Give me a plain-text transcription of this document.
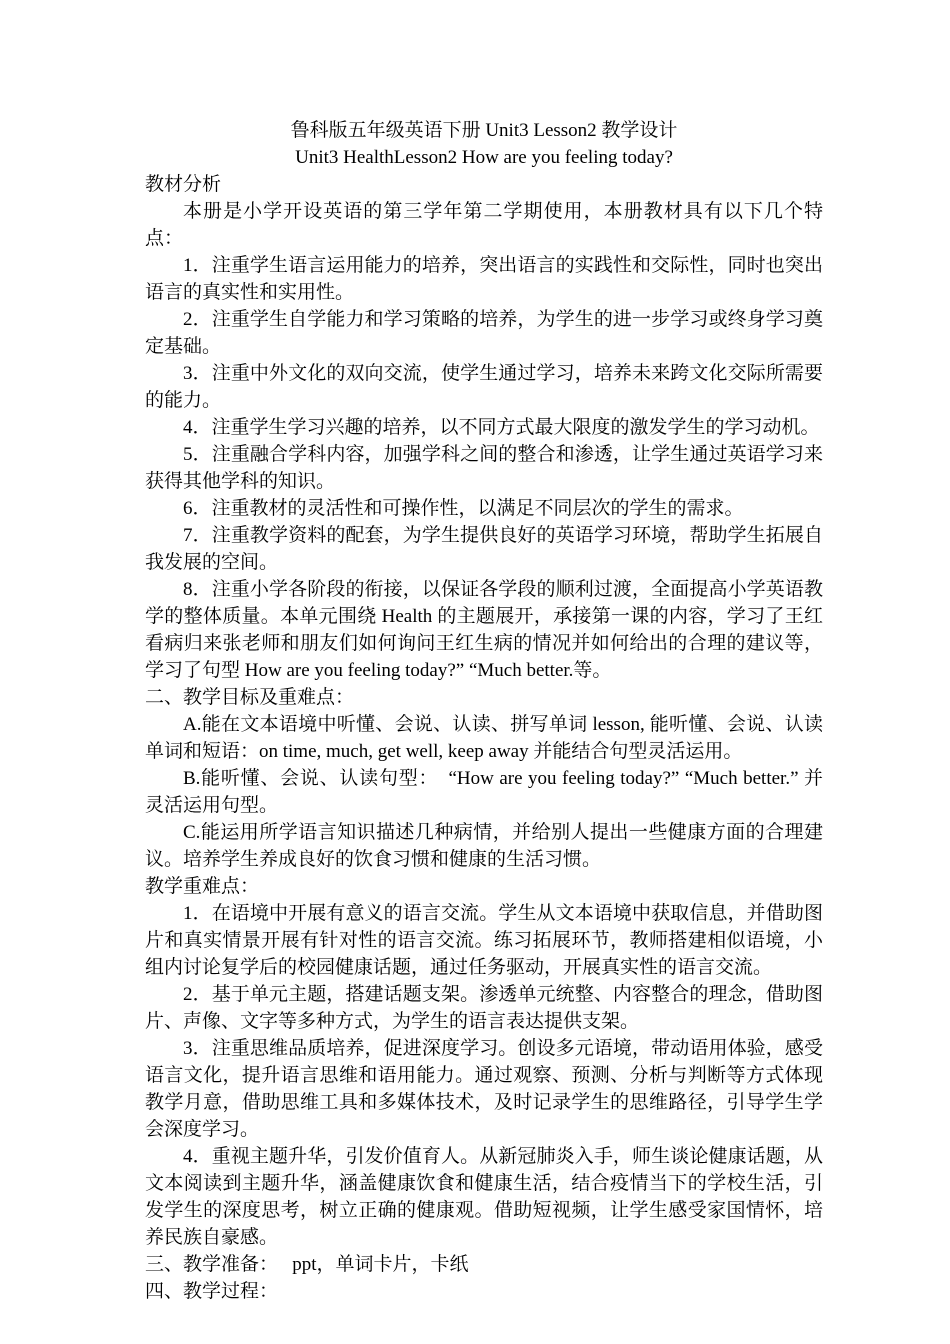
鲁科版五年级英语下册 Unit3 Lesson2 教学设计

Unit3 HealthLesson2 How are you feeling today?

教材分析

本册是小学开设英语的第三学年第二学期使用，本册教材具有以下几个特点：

1．注重学生语言运用能力的培养，突出语言的实践性和交际性，同时也突出语言的真实性和实用性。

2．注重学生自学能力和学习策略的培养，为学生的进一步学习或终身学习奠定基础。

3．注重中外文化的双向交流，使学生通过学习，培养未来跨文化交际所需要的能力。

4．注重学生学习兴趣的培养，以不同方式最大限度的激发学生的学习动机。

5．注重融合学科内容，加强学科之间的整合和渗透，让学生通过英语学习来获得其他学科的知识。

6．注重教材的灵活性和可操作性，以满足不同层次的学生的需求。

7．注重教学资料的配套，为学生提供良好的英语学习环境，帮助学生拓展自我发展的空间。

8．注重小学各阶段的衔接，以保证各学段的顺利过渡，全面提高小学英语教学的整体质量。本单元围绕 Health 的主题展开，承接第一课的内容，学习了王红看病归来张老师和朋友们如何询问王红生病的情况并如何给出的合理的建议等，学习了句型 How are you feeling today?” “Much better.等。

二、教学目标及重难点：

A.能在文本语境中听懂、会说、认读、拼写单词 lesson, 能听懂、会说、认读单词和短语：on time, much, get well, keep away 并能结合句型灵活运用。

B.能听懂、会说、认读句型：　“How are you feeling today?” “Much better.” 并灵活运用句型。

C.能运用所学语言知识描述几种病情，并给别人提出一些健康方面的合理建议。培养学生养成良好的饮食习惯和健康的生活习惯。

教学重难点：

1．在语境中开展有意义的语言交流。学生从文本语境中获取信息，并借助图片和真实情景开展有针对性的语言交流。练习拓展环节，教师搭建相似语境，小组内讨论复学后的校园健康话题，通过任务驱动，开展真实性的语言交流。

2．基于单元主题，搭建话题支架。渗透单元统整、内容整合的理念，借助图片、声像、文字等多种方式，为学生的语言表达提供支架。

3．注重思维品质培养，促进深度学习。创设多元语境，带动语用体验，感受语言文化，提升语言思维和语用能力。通过观察、预测、分析与判断等方式体现教学月意，借助思维工具和多媒体技术，及时记录学生的思维路径，引导学生学会深度学习。

4．重视主题升华，引发价值育人。从新冠肺炎入手，师生谈论健康话题，从文本阅读到主题升华，涵盖健康饮食和健康生活，结合疫情当下的学校生活，引发学生的深度思考，树立正确的健康观。借助短视频，让学生感受家国情怀，培养民族自豪感。

三、教学准备：　 ppt，单词卡片，卡纸

四、教学过程：
